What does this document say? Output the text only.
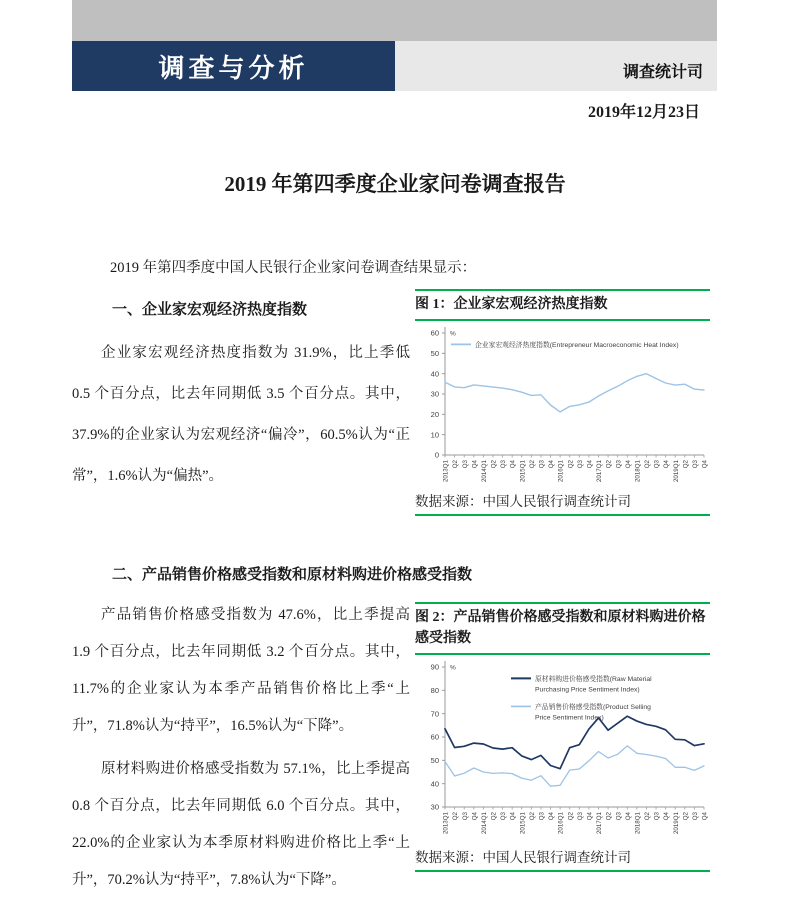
调查与分析	调查统计司
2019年12月23日
2019 年第四季度企业家问卷调查报告
2019 年第四季度中国人民银行企业家问卷调查结果显示：
一、企业家宏观经济热度指数
企业家宏观经济热度指数为 31.9%，比上季低 0.5 个百分点，比去年同期低 3.5 个百分点。其中，37.9%的企业家认为宏观经济“偏冷”，60.5%认为“正常”，1.6%认为“偏热”。
图 1：企业家宏观经济热度指数
0
10
20
30
40
50
60 %
2013Q1 Q2 Q3 Q4 2014Q1 Q2 Q3 Q4 2015Q1 Q2 Q3 Q4 2016Q1 Q2 Q3 Q4 2017Q1 Q2 Q3 Q4 2018Q1 Q2 Q3 Q4 2019Q1 Q2 Q3 Q4
企业家宏观经济热度指数(Entrepreneur Macroeconomic Heat Index)
数据来源：中国人民银行调查统计司
二、产品销售价格感受指数和原材料购进价格感受指数
产品销售价格感受指数为 47.6%，比上季提高 1.9 个百分点，比去年同期低 3.2 个百分点。其中，11.7%的企业家认为本季产品销售价格比上季“上升”，71.8%认为“持平”，16.5%认为“下降”。
原材料购进价格感受指数为 57.1%，比上季提高 0.8 个百分点，比去年同期低 6.0 个百分点。其中，22.0%的企业家认为本季原材料购进价格比上季“上升”，70.2%认为“持平”，7.8%认为“下降”。
图 2：产品销售价格感受指数和原材料购进价格感受指数
30
40
50
60
70
80
90 %
2013Q1 Q2 Q3 Q4 2014Q1 Q2 Q3 Q4 2015Q1 Q2 Q3 Q4 2016Q1 Q2 Q3 Q4 2017Q1 Q2 Q3 Q4 2018Q1 Q2 Q3 Q4 2019Q1 Q2 Q3 Q4
原材料购进价格感受指数(Raw Material
Purchasing Price Sentiment Index)
产品销售价格感受指数(Product Selling
Price Sentiment Index)
数据来源：中国人民银行调查统计司
